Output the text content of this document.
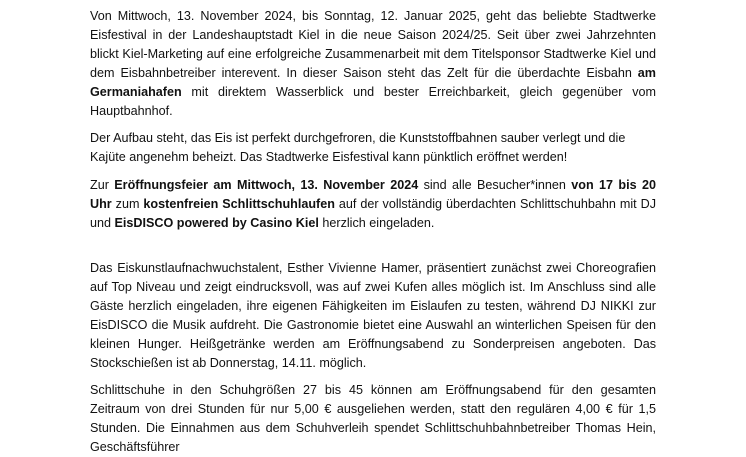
Von Mittwoch, 13. November 2024, bis Sonntag, 12. Januar 2025, geht das beliebte Stadtwerke Eisfestival in der Landeshauptstadt Kiel in die neue Saison 2024/25. Seit über zwei Jahrzehnten blickt Kiel-Marketing auf eine erfolgreiche Zusammenarbeit mit dem Titelsponsor Stadtwerke Kiel und dem Eisbahnbetreiber interevent. In dieser Saison steht das Zelt für die überdachte Eisbahn am Germaniahafen mit direktem Wasserblick und bester Erreichbarkeit, gleich gegenüber vom Hauptbahnhof.

Der Aufbau steht, das Eis ist perfekt durchgefroren, die Kunststoffbahnen sauber verlegt und die Kajüte angenehm beheizt. Das Stadtwerke Eisfestival kann pünktlich eröffnet werden!

Zur Eröffnungsfeier am Mittwoch, 13. November 2024 sind alle Besucher*innen von 17 bis 20 Uhr zum kostenfreien Schlittschuhlaufen auf der vollständig überdachten Schlittschuhbahn mit DJ und EisDISCO powered by Casino Kiel herzlich eingeladen.

Das Eiskunstlaufnachwuchstalent, Esther Vivienne Hamer, präsentiert zunächst zwei Choreografien auf Top Niveau und zeigt eindrucksvoll, was auf zwei Kufen alles möglich ist. Im Anschluss sind alle Gäste herzlich eingeladen, ihre eigenen Fähigkeiten im Eislaufen zu testen, während DJ NIKKI zur EisDISCO die Musik aufdreht. Die Gastronomie bietet eine Auswahl an winterlichen Speisen für den kleinen Hunger. Heißgetränke werden am Eröffnungsabend zu Sonderpreisen angeboten. Das Stockschießen ist ab Donnerstag, 14.11. möglich.

Schlittschuhe in den Schuhgrößen 27 bis 45 können am Eröffnungsabend für den gesamten Zeitraum von drei Stunden für nur 5,00 € ausgeliehen werden, statt den regulären 4,00 € für 1,5 Stunden. Die Einnahmen aus dem Schuhverleih spendet Schlittschuhbahnbetreiber Thomas Hein, Geschäftsführer
